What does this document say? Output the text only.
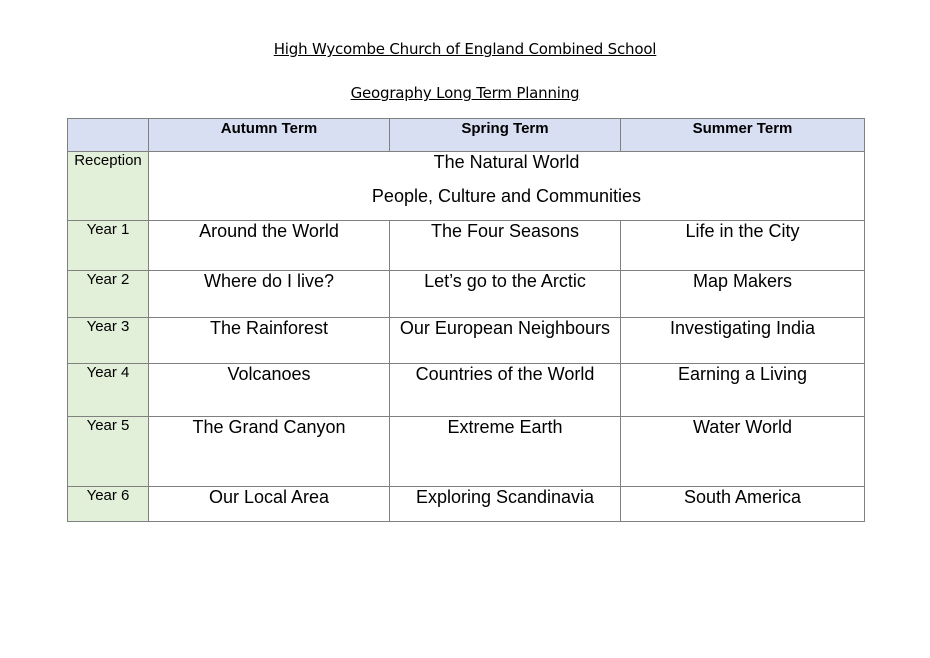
High Wycombe Church of England Combined School
Geography Long Term Planning
	Autumn Term	Spring Term	Summer Term
Reception	The Natural World
People, Culture and Communities		

Year 1	Around the World	The Four Seasons	Life in the City
Year 2	Where do I live?	Let’s go to the Arctic	Map Makers
Year 3	The Rainforest	Our European Neighbours	Investigating India
Year 4	Volcanoes	Countries of the World	Earning a Living
Year 5	The Grand Canyon	Extreme Earth	Water World
Year 6	Our Local Area	Exploring Scandinavia	South America
